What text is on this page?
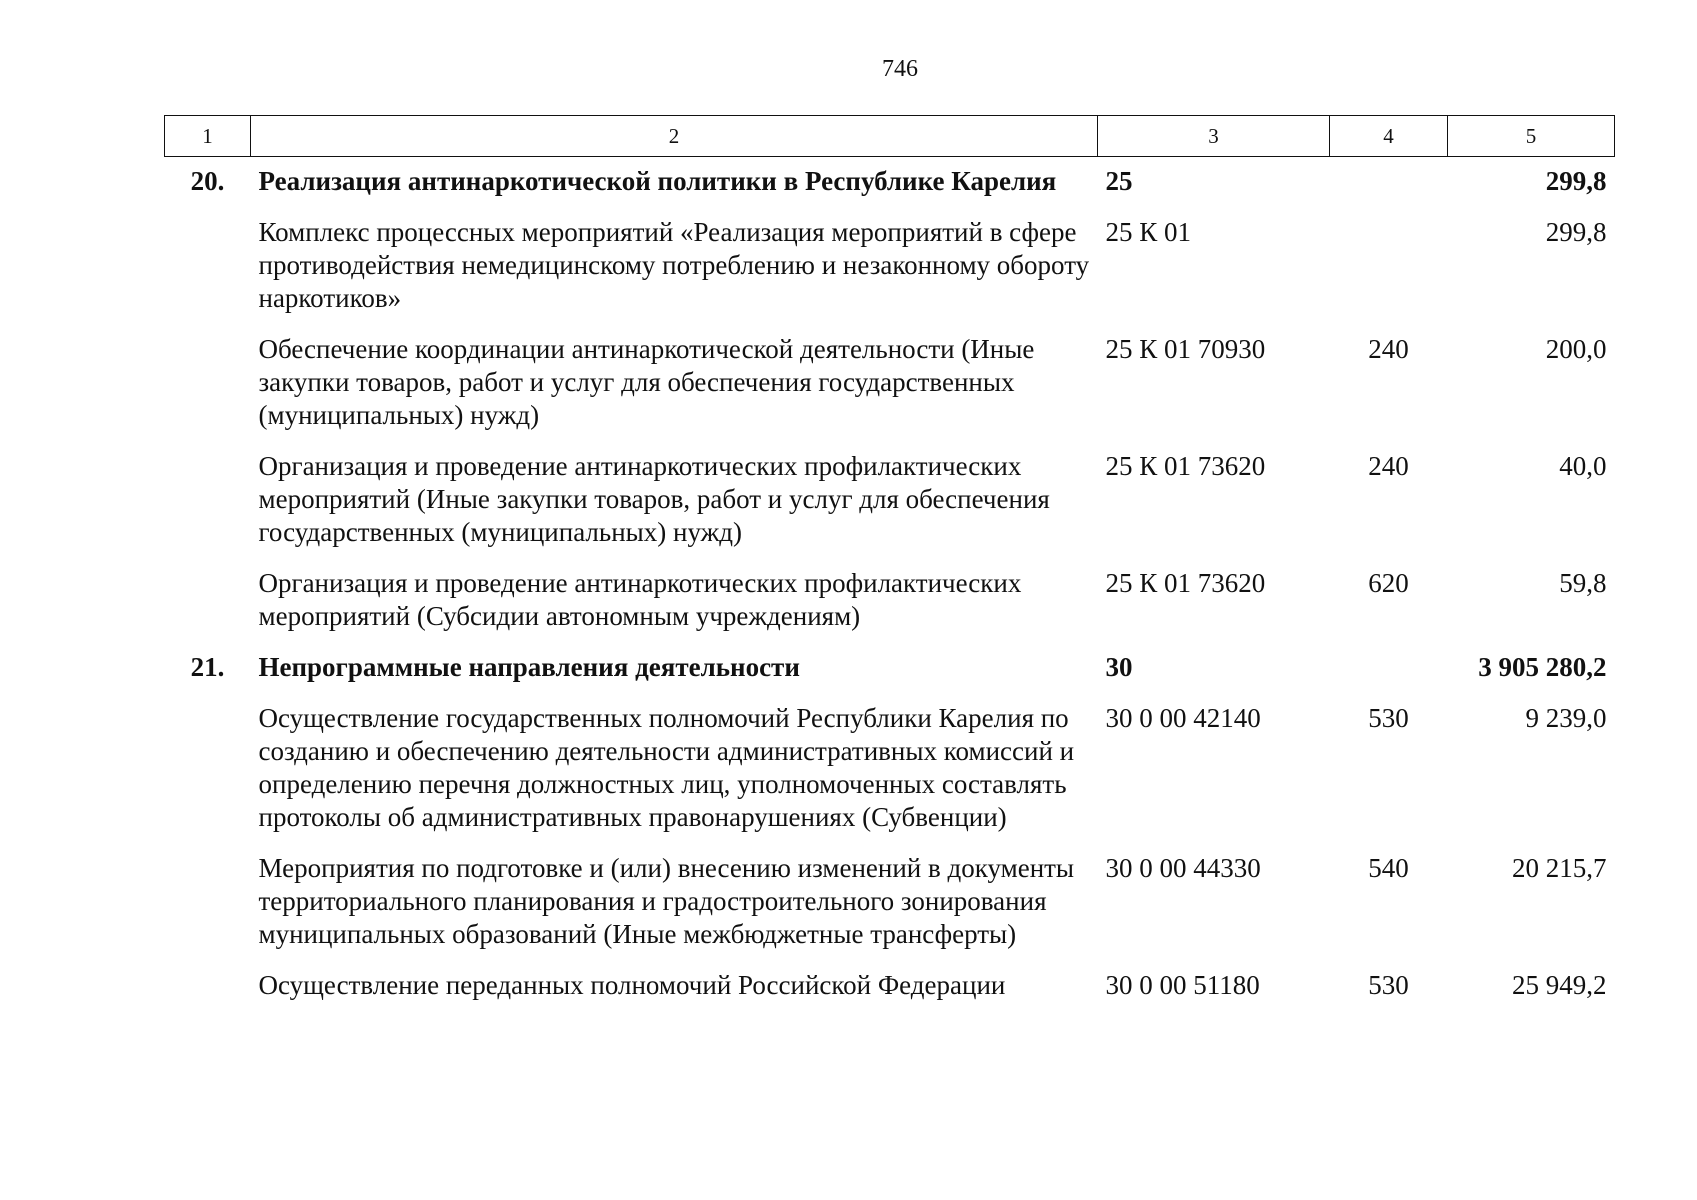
746
1	2	3	4	5
20.	Реализация антинаркотической политики в Республике Карелия	25		299,8
	Комплекс процессных мероприятий «Реализация мероприятий в сфере противодействия немедицинскому потреблению и незаконному обороту наркотиков»	25 К 01		299,8
	Обеспечение координации антинаркотической деятельности (Иные закупки товаров, работ и услуг для обеспечения государственных (муниципальных) нужд)	25 К 01 70930	240	200,0
	Организация и проведение антинаркотических профилактических мероприятий (Иные закупки товаров, работ и услуг для обеспечения государственных (муниципальных) нужд)	25 К 01 73620	240	40,0
	Организация и проведение антинаркотических профилактических мероприятий (Субсидии автономным учреждениям)	25 К 01 73620	620	59,8
21.	Непрограммные направления деятельности	30		3 905 280,2
	Осуществление государственных полномочий Республики Карелия по созданию и обеспечению деятельности административных комиссий и определению перечня должностных лиц, уполномоченных составлять протоколы об административных правонарушениях (Субвенции)	30 0 00 42140	530	9 239,0
	Мероприятия по подготовке и (или) внесению изменений в документы территориального планирования и градостроительного зонирования муниципальных образований (Иные межбюджетные трансферты)	30 0 00 44330	540	20 215,7
	Осуществление переданных полномочий Российской Федерации	30 0 00 51180	530	25 949,2
